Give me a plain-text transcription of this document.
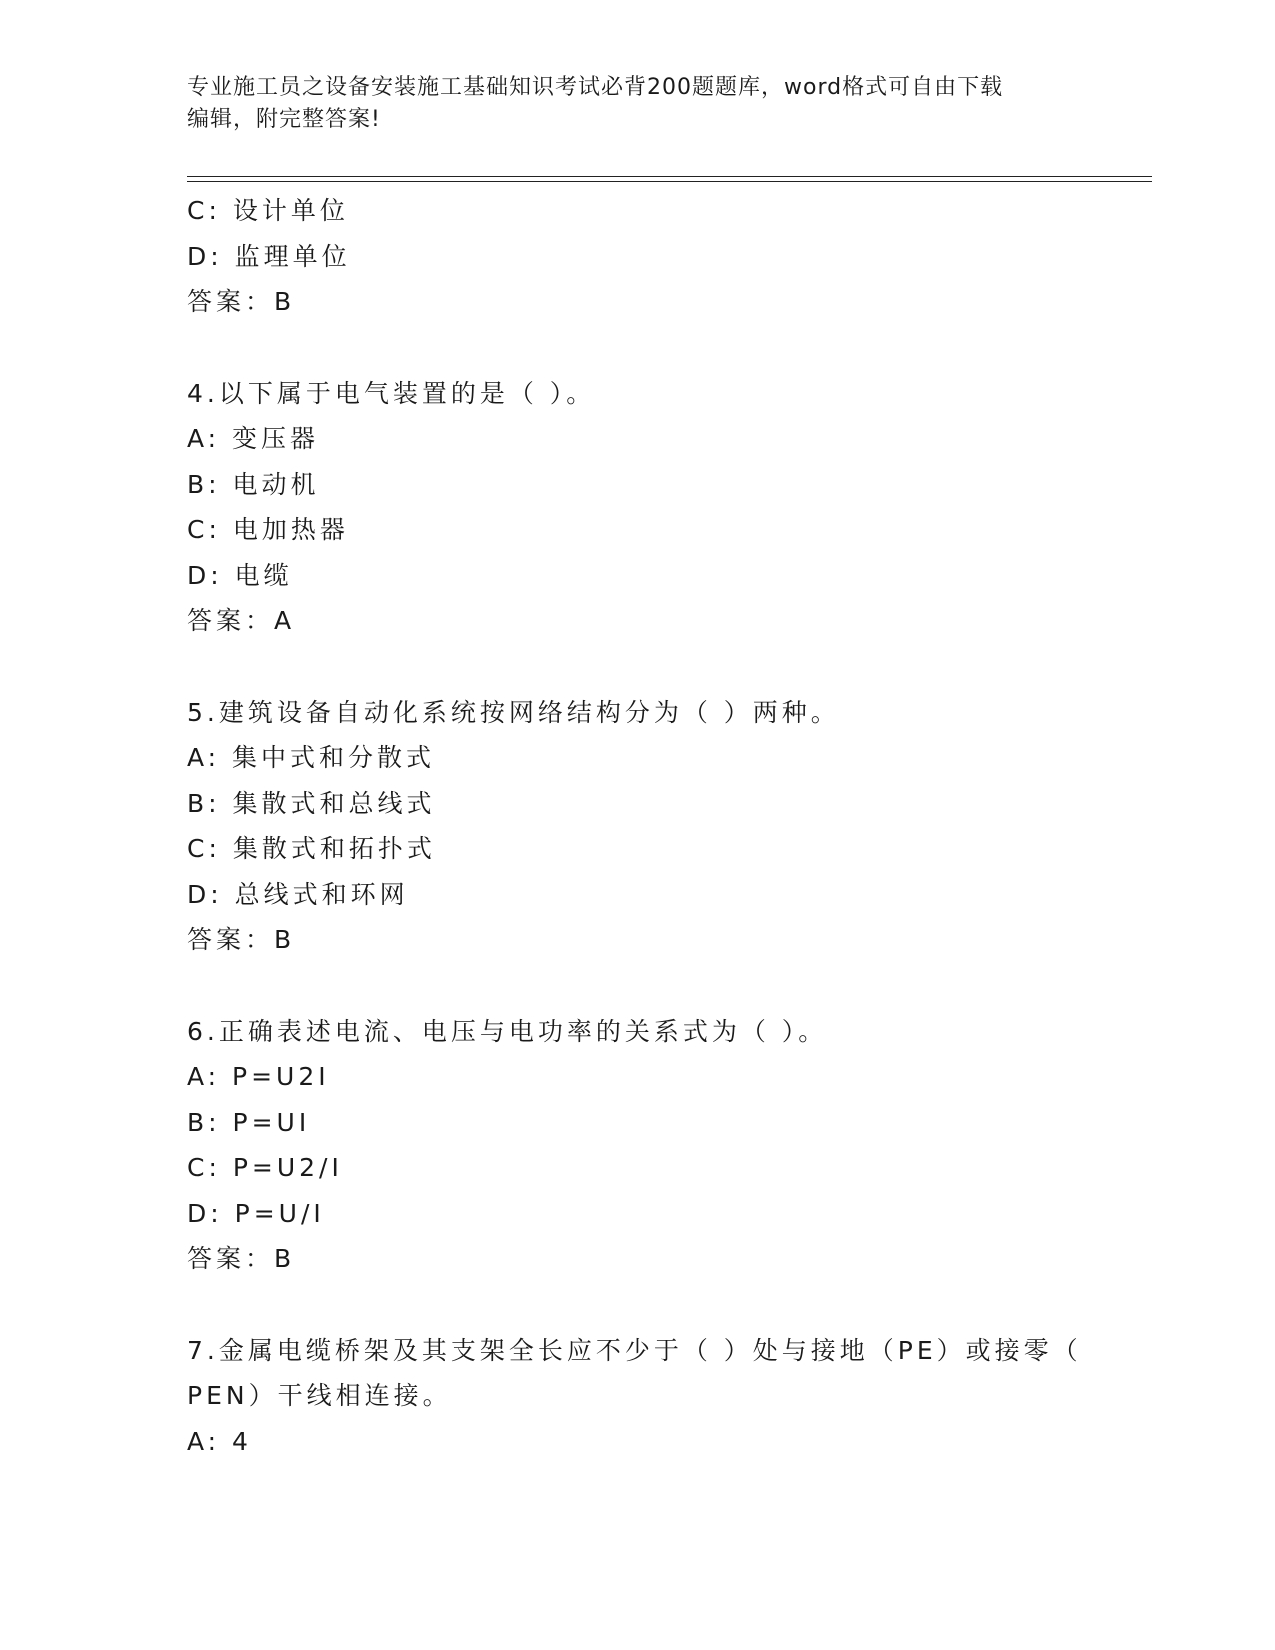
专业施工员之设备安装施工基础知识考试必背200题题库，word格式可自由下载
编辑，附完整答案!
C: 设计单位
D: 监理单位
答案：B
4.以下属于电气装置的是（ ）。
A: 变压器
B: 电动机
C: 电加热器
D: 电缆
答案：A
5.建筑设备自动化系统按网络结构分为（ ）两种。
A: 集中式和分散式
B: 集散式和总线式
C: 集散式和拓扑式
D: 总线式和环网
答案：B
6.正确表述电流、电压与电功率的关系式为（ ）。
A: P=U2I
B: P=UI
C: P=U2/I
D: P=U/I
答案：B
7.金属电缆桥架及其支架全长应不少于（ ）处与接地（PE）或接零（
PEN）干线相连接。
A: 4
